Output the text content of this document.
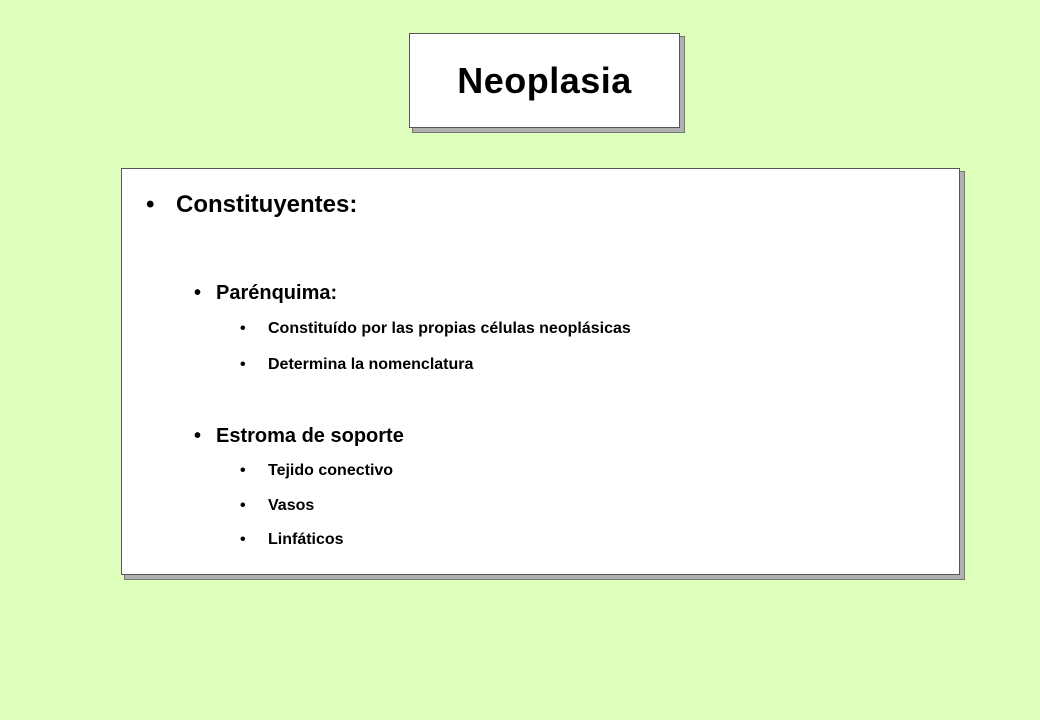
Neoplasia
• Constituyentes:
• Parénquima:
•	Constituído por las propias células neoplásicas
•	Determina la nomenclatura
• Estroma de soporte
•	Tejido conectivo
•	Vasos
•	Linfáticos
